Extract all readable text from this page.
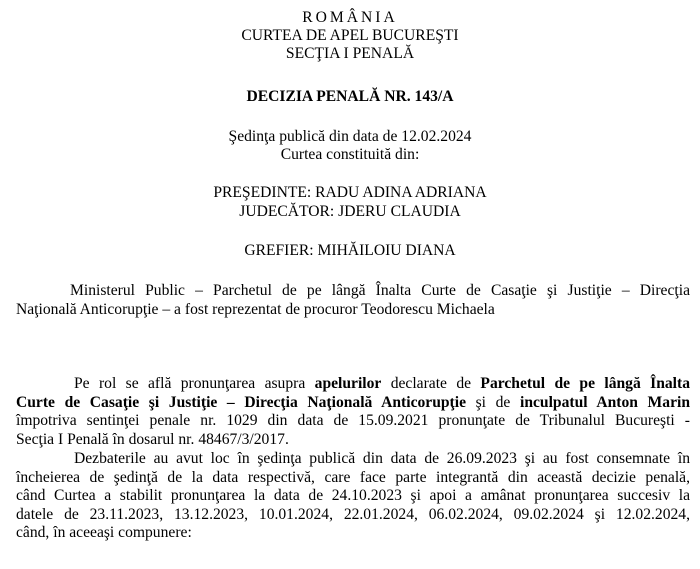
ROMÂNIA
CURTEA DE APEL BUCUREŞTI
SECŢIA I PENALĂ
DECIZIA PENALĂ NR. 143/A
Şedinţa publică din data de 12.02.2024
Curtea constituită din:
PREŞEDINTE: RADU ADINA ADRIANA
JUDECĂTOR: JDERU CLAUDIA
GREFIER: MIHĂILOIU DIANA
Ministerul Public – Parchetul de pe lângă Înalta Curte de Casaţie şi Justiţie – Direcţia
Naţională Anticorupţie – a fost reprezentat de procuror Teodorescu Michaela
Pe rol se află pronunţarea asupra apelurilor declarate de Parchetul de pe lângă Înalta
Curte de Casaţie şi Justiţie – Direcţia Naţională Anticorupţie şi de inculpatul Anton Marin
împotriva sentinţei penale nr. 1029 din data de 15.09.2021 pronunţate de Tribunalul Bucureşti -
Secţia I Penală în dosarul nr. 48467/3/2017.
Dezbaterile au avut loc în şedinţa publică din data de 26.09.2023 şi au fost consemnate în
încheierea de şedinţă de la data respectivă, care face parte integrantă din această decizie penală,
când Curtea a stabilit pronunţarea la data de 24.10.2023 şi apoi a amânat pronunţarea succesiv la
datele de 23.11.2023, 13.12.2023, 10.01.2024, 22.01.2024, 06.02.2024, 09.02.2024 şi 12.02.2024,
când, în aceeaşi compunere:
